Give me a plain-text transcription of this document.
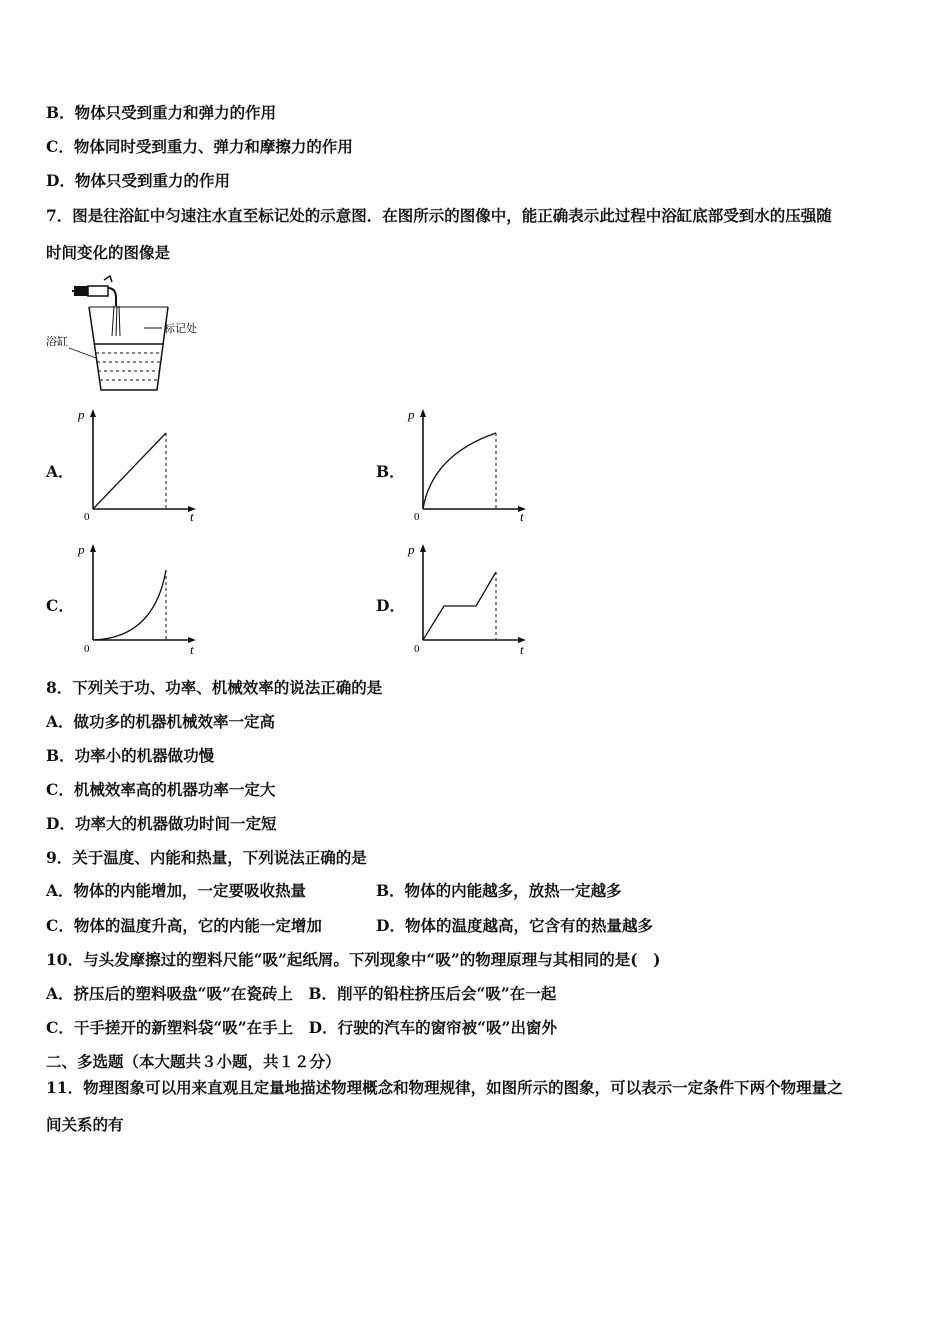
B．物体只受到重力和弹力的作用
C．物体同时受到重力、弹力和摩擦力的作用
D．物体只受到重力的作用
7．图是往浴缸中匀速注水直至标记处的示意图．在图所示的图像中，能正确表示此过程中浴缸底部受到水的压强随
时间变化的图像是
标记处
浴缸
A．	B．
C．	D．
p
t
0
p
t
0
p
t
0
p
t
0
8．下列关于功、功率、机械效率的说法正确的是
A．做功多的机器机械效率一定高
B．功率小的机器做功慢
C．机械效率高的机器功率一定大
D．功率大的机器做功时间一定短
9．关于温度、内能和热量，下列说法正确的是
A．物体的内能增加，一定要吸收热量	B．物体的内能越多，放热一定越多
C．物体的温度升高，它的内能一定增加	D．物体的温度越高，它含有的热量越多
10．与头发摩擦过的塑料尺能“吸”起纸屑。下列现象中“吸”的物理原理与其相同的是(　)
A．挤压后的塑料吸盘“吸”在瓷砖上　B．削平的铅柱挤压后会“吸”在一起
C．干手搓开的新塑料袋“吸”在手上　D．行驶的汽车的窗帘被“吸”出窗外
二、多选题（本大题共３小题，共１２分）
11．物理图象可以用来直观且定量地描述物理概念和物理规律，如图所示的图象，可以表示一定条件下两个物理量之
间关系的有
